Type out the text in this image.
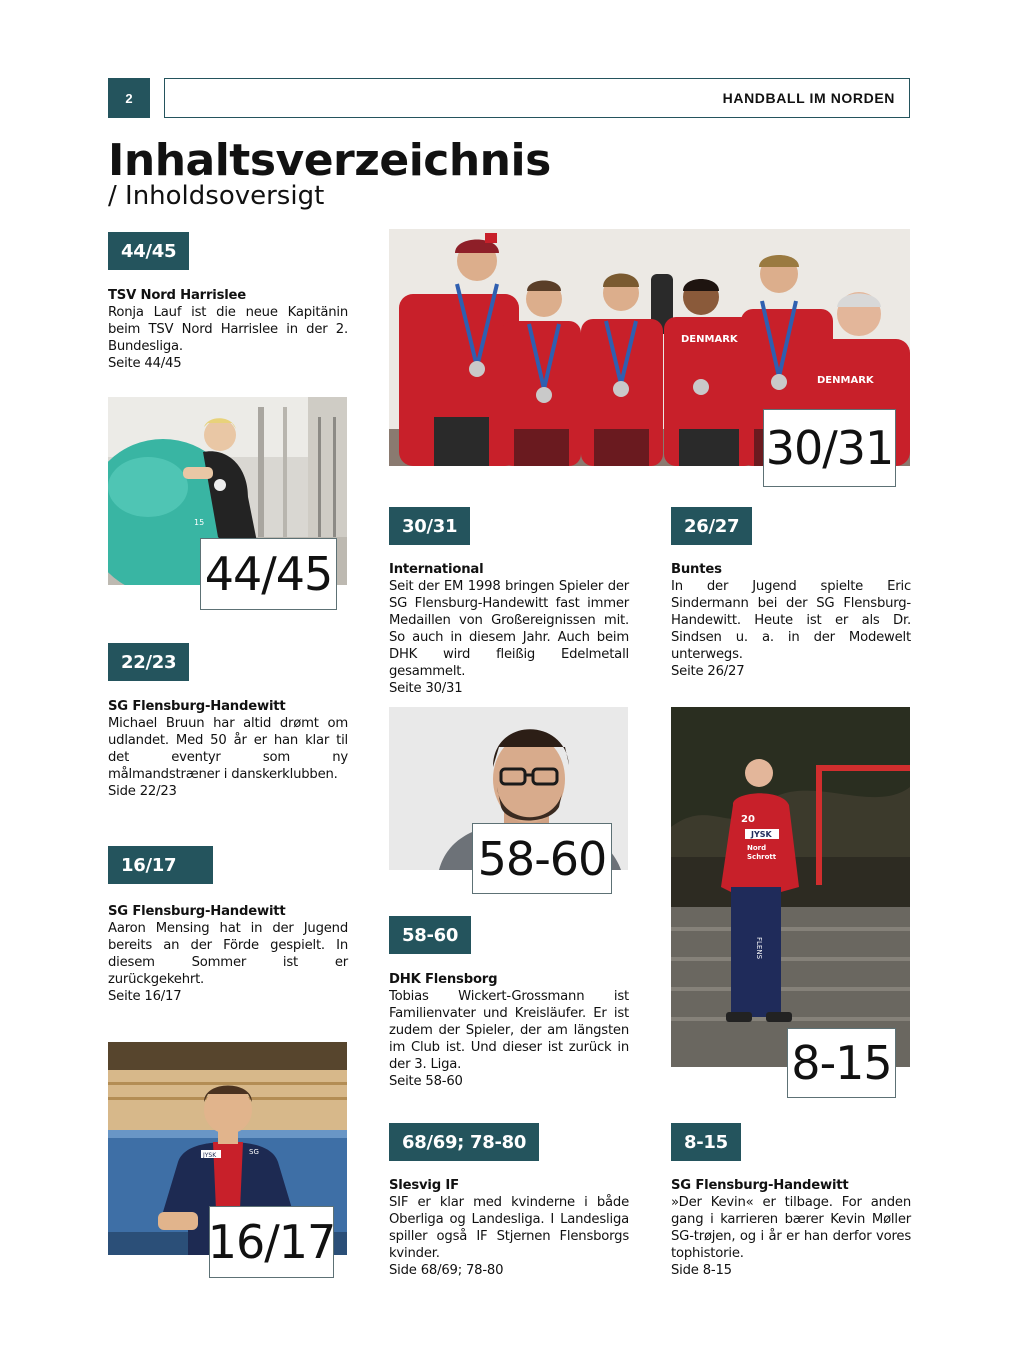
2	HANDBALL IM NORDEN
Inhaltsverzeichnis
/ Inholdsoversigt
44/45
TSV Nord Harrislee
Ronja Lauf ist die neue Kapitänin beim TSV Nord Harrislee in der 2. Bundesliga.
Seite 44/45
15
44/45
22/23
SG Flensburg-Handewitt
Michael Bruun har altid drømt om udlandet. Med 50 år er han klar til det eventyr som ny målmandstræner i danskerklubben.
Side 22/23
16/17
SG Flensburg-Handewitt
Aaron Mensing hat in der Jugend bereits an der Förde gespielt. In diesem Sommer ist er zurückgekehrt.
Seite 16/17
JYSK	SG
16/17
DENMARK
DENMARK
30/31
30/31
International
Seit der EM 1998 bringen Spieler der SG Flensburg-Handewitt fast immer Medaillen von Großereignissen mit. So auch in diesem Jahr. Auch beim DHK wird fleißig Edelmetall gesammelt.
Seite 30/31
58-60
58-60
DHK Flensborg
Tobias Wickert-Grossmann ist Familienvater und Kreisläufer. Er ist zudem der Spieler, der am längsten im Club ist. Und dieser ist zurück in der 3. Liga.
Seite 58-60
68/69; 78-80
Slesvig IF
SIF er klar med kvinderne i både Oberliga og Landesliga. I Landesliga spiller også IF Stjernen Flensborgs kvinder.
Side 68/69; 78-80
26/27
Buntes
In der Jugend spielte Eric Sindermann bei der SG Flensburg-Handewitt. Heute ist er als Dr. Sindsen u. a. in der Modewelt unterwegs.
Seite 26/27
20
JYSK
Nord
Schrott
FLENS
8-15
8-15
SG Flensburg-Handewitt
»Der Kevin« er tilbage. For anden gang i karrieren bærer Kevin Møller SG-trøjen, og i år er han derfor vores tophistorie.
Side 8-15
